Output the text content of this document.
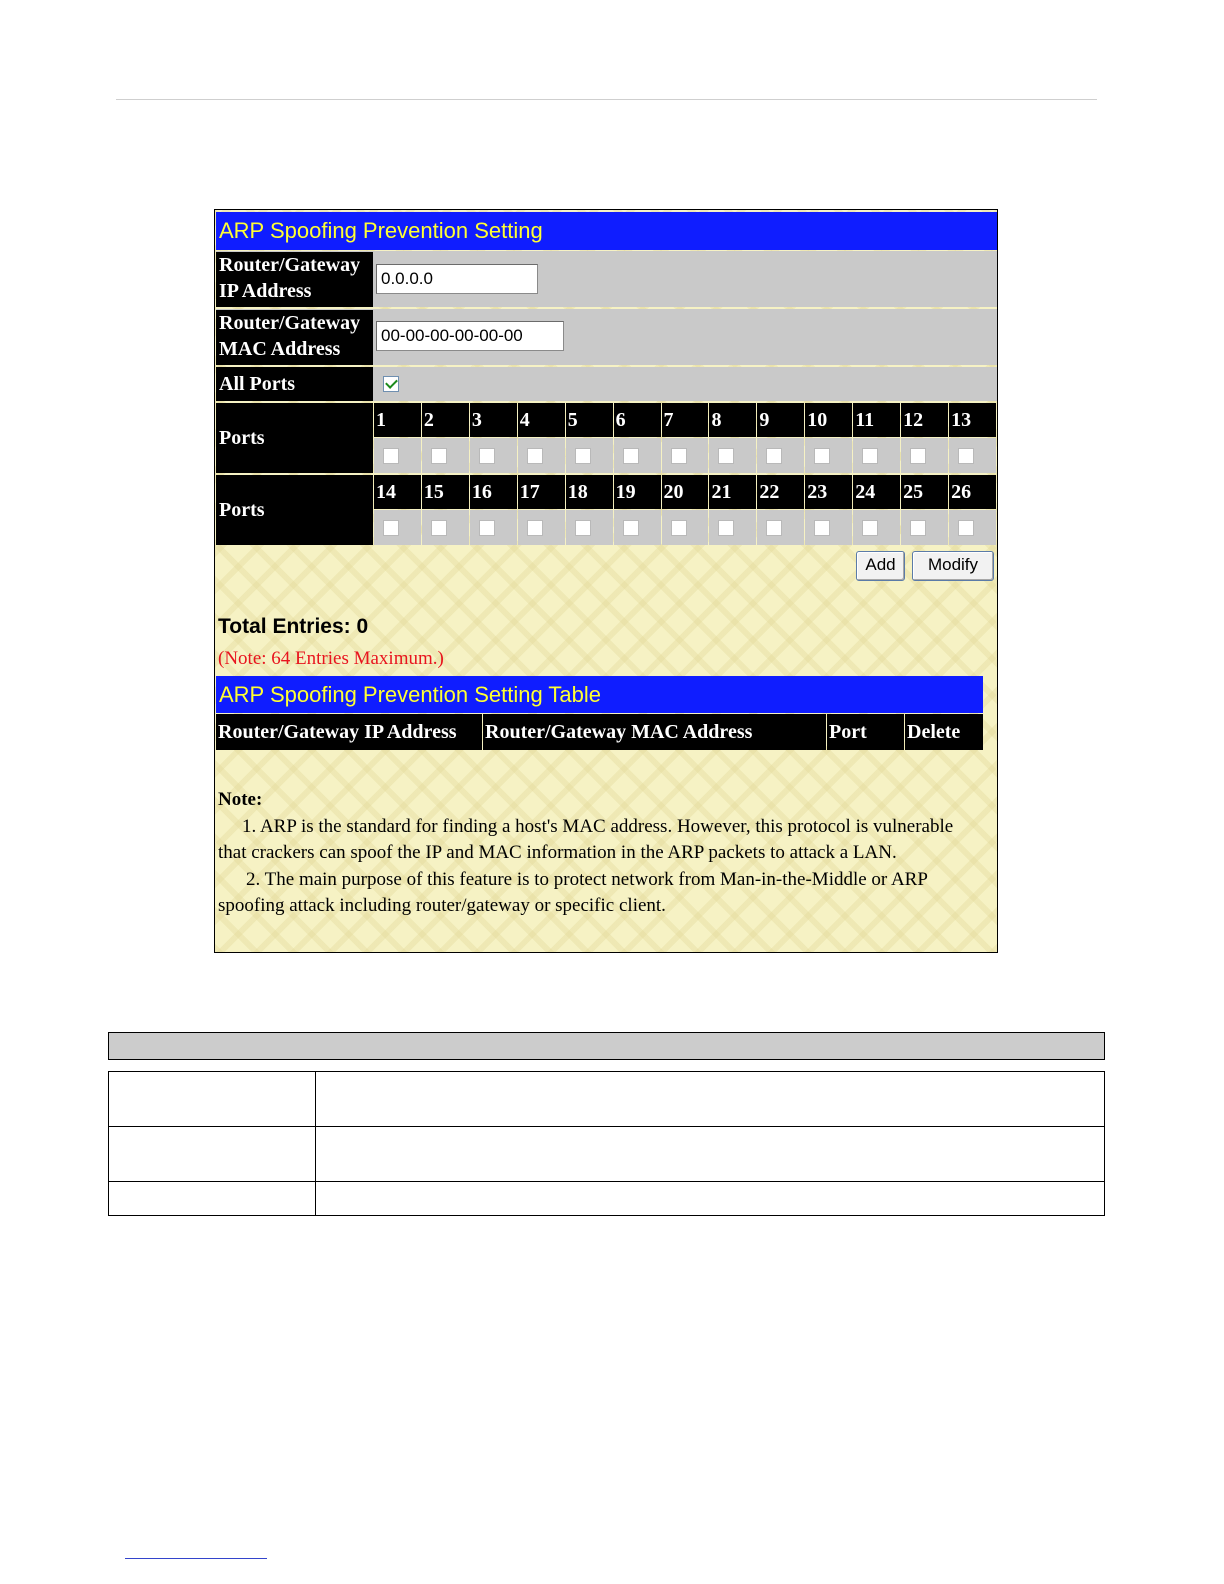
ARP Spoofing Prevention Setting
Router/Gateway
IP Address
0.0.0.0
Router/Gateway
MAC Address
00-00-00-00-00-00
All Ports
Ports
1	2	3	4	5	6	7	8	9	10	11	12	13
Ports
14	15	16	17	18	19	20	21	22	23	24	25	26
Add	Modify
Total Entries: 0
(Note: 64 Entries Maximum.)
ARP Spoofing Prevention Setting Table
Router/Gateway IP Address	Router/Gateway MAC Address	Port	Delete

Note:

1. ARP is the standard for finding a host's MAC address. However, this protocol is vulnerable that crackers can spoof the IP and MAC information in the ARP packets to attack a LAN.

2. The main purpose of this feature is to protect network from Man-in-the-Middle or ARP spoofing attack including router/gateway or specific client.
